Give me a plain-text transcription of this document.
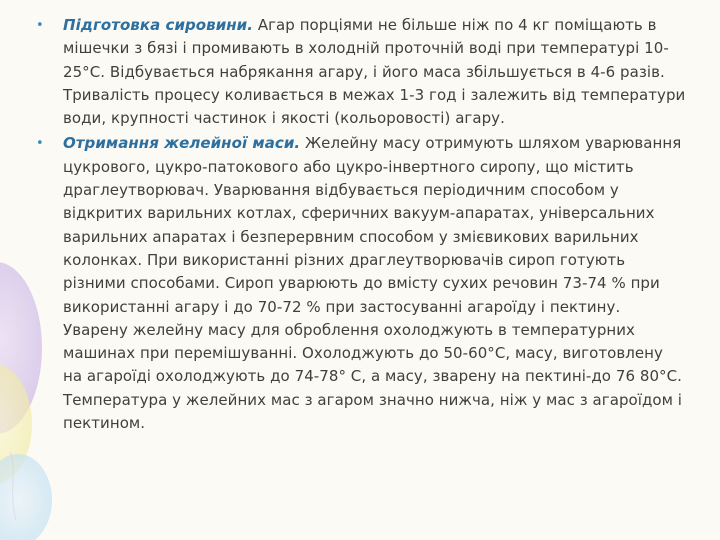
• Підготовка сировини. Агар порціями не більше ніж по 4 кг поміщають в мішечки з бязі і промивають в холодній проточній воді при температурі 10-25°С. Відбувається набрякання агару, і його маса збільшується в 4-6 разів. Тривалість процесу коливається в межах 1-3 год і залежить від температури води, крупності частинок і якості (кольоровості) агару.

• Отримання желейної маси. Желейну масу отримують шляхом уварювання цукрового, цукро-патокового або цукро-інвертного сиропу, що містить драглеутворювач. Уварювання відбувається періодичним способом у відкритих варильних котлах, сферичних вакуум-апаратах, універсальних варильних апаратах і безперервним способом у змієвикових варильних колонках. При використанні різних драглеутворювачів сироп готують різними способами. Сироп уварюють до вмісту сухих речовин 73-74 % при використанні агару і до 70-72 % при застосуванні агароїду і пектину. Уварену желейну масу для оброблення охолоджують в температурних машинах при перемішуванні. Охолоджують до 50-60°С, масу, виготовлену на агароїді охолоджують до 74-78° С, а масу, зварену на пектині-до 76 80°С. Температура у желейних мас з агаром значно нижча, ніж у мас з агароїдом і пектином.
